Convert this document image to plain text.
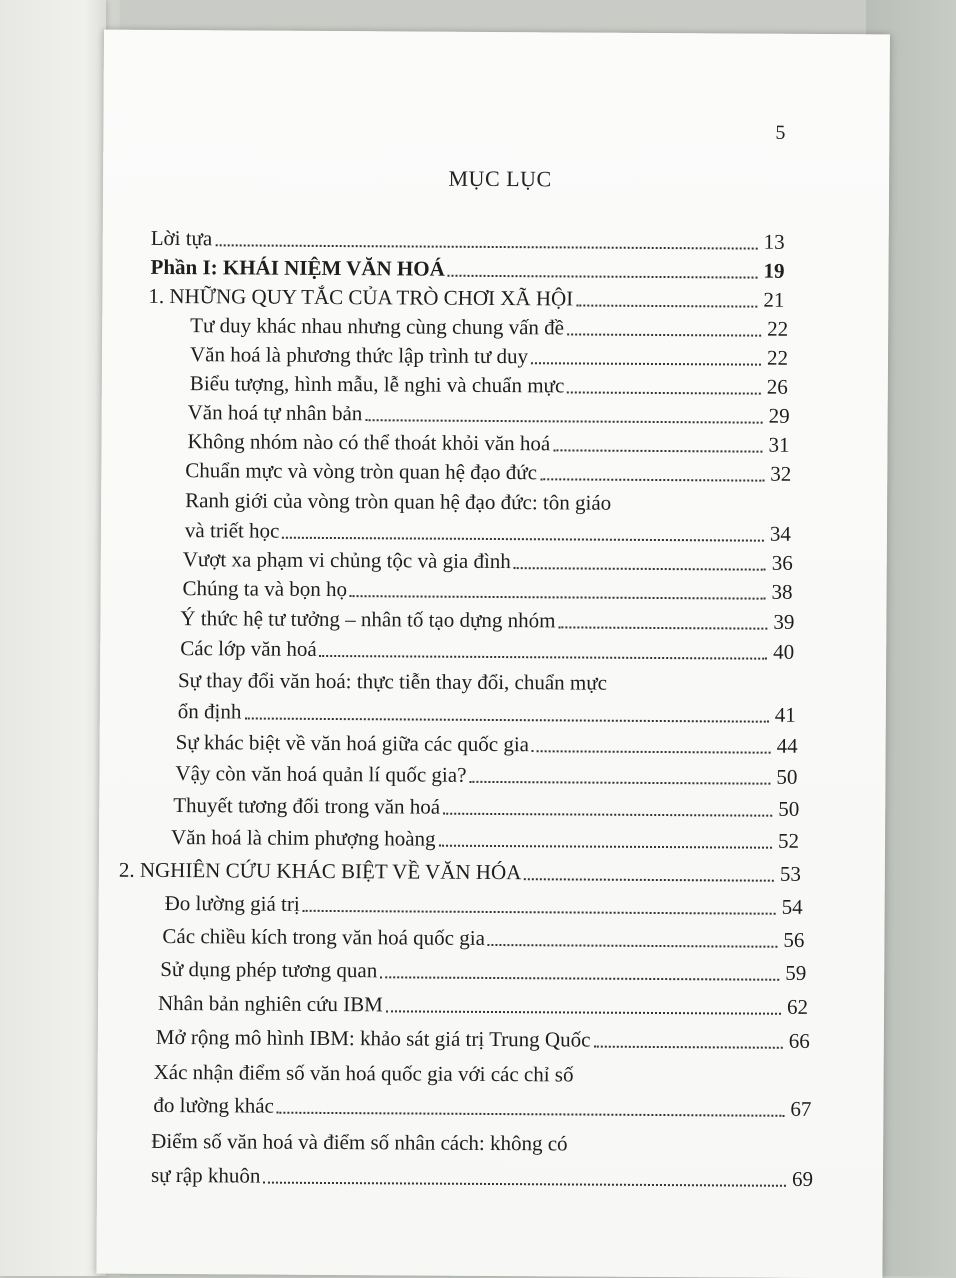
5
MỤC LỤC
Lời tựa	13
Phần I: KHÁI NIỆM VĂN HOÁ	19
1. NHỮNG QUY TẮC CỦA TRÒ CHƠI XÃ HỘI	21
Tư duy khác nhau nhưng cùng chung vấn đề	22
Văn hoá là phương thức lập trình tư duy	22
Biểu tượng, hình mẫu, lễ nghi và chuẩn mực	26
Văn hoá tự nhân bản	29
Không nhóm nào có thể thoát khỏi văn hoá	31
Chuẩn mực và vòng tròn quan hệ đạo đức	32
Ranh giới của vòng tròn quan hệ đạo đức: tôn giáo
và triết học	34
Vượt xa phạm vi chủng tộc và gia đình	36
Chúng ta và bọn họ	38
Ý thức hệ tư tưởng – nhân tố tạo dựng nhóm	39
Các lớp văn hoá	40
Sự thay đổi văn hoá: thực tiễn thay đổi, chuẩn mực
ổn định	41
Sự khác biệt về văn hoá giữa các quốc gia	44
Vậy còn văn hoá quản lí quốc gia?	50
Thuyết tương đối trong văn hoá	50
Văn hoá là chim phượng hoàng	52
2. NGHIÊN CỨU KHÁC BIỆT VỀ VĂN HÓA	53
Đo lường giá trị	54
Các chiều kích trong văn hoá quốc gia	56
Sử dụng phép tương quan	59
Nhân bản nghiên cứu IBM	62
Mở rộng mô hình IBM: khảo sát giá trị Trung Quốc	66
Xác nhận điểm số văn hoá quốc gia với các chỉ số
đo lường khác	67
Điểm số văn hoá và điểm số nhân cách: không có
sự rập khuôn	69
